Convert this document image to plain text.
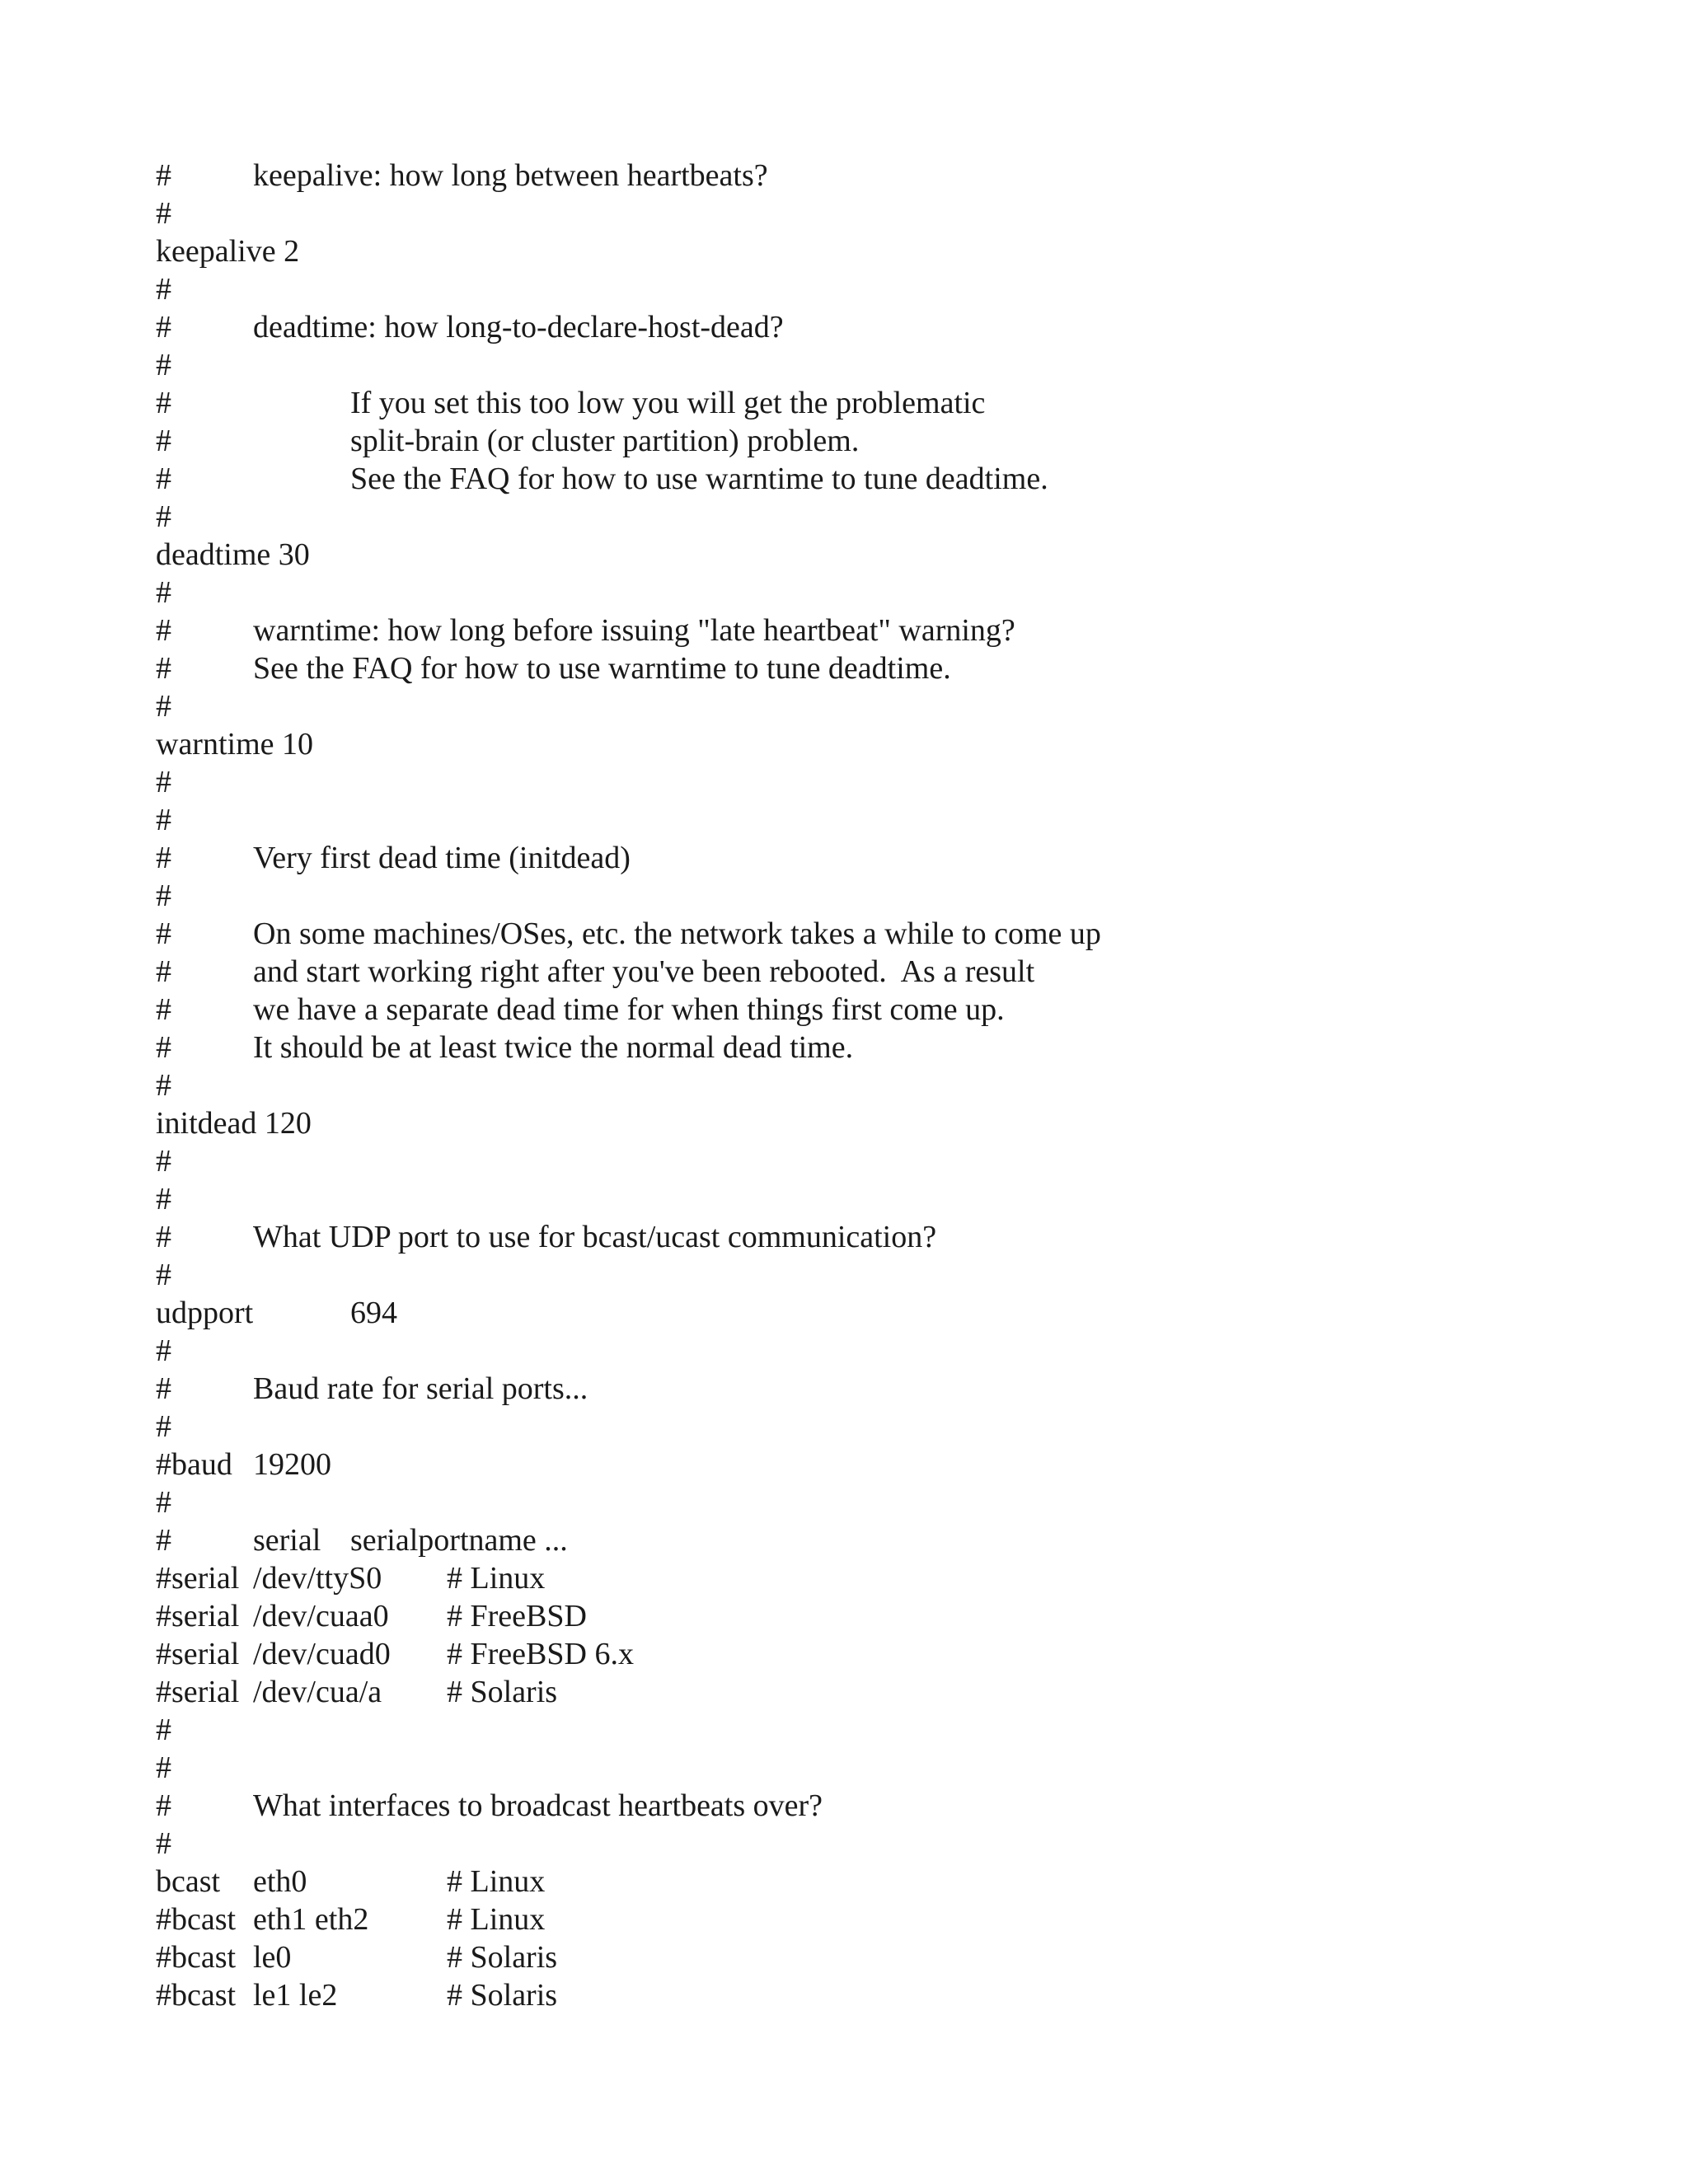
#	keepalive: how long between heartbeats?
#
keepalive 2
#
#	deadtime: how long-to-declare-host-dead?
#
#	If you set this too low you will get the problematic
#	split-brain (or cluster partition) problem.
#	See the FAQ for how to use warntime to tune deadtime.
#
deadtime 30
#
#	warntime: how long before issuing "late heartbeat" warning?
#	See the FAQ for how to use warntime to tune deadtime.
#
warntime 10
#
#
#	Very first dead time (initdead)
#
#	On some machines/OSes, etc. the network takes a while to come up
#	and start working right after you've been rebooted.  As a result
#	we have a separate dead time for when things first come up.
#	It should be at least twice the normal dead time.
#
initdead 120
#
#
#	What UDP port to use for bcast/ucast communication?
#
udpport	694
#
#	Baud rate for serial ports...
#
#baud 19200
#
#	serial serialportname ...
#serial /dev/ttyS0 # Linux
#serial /dev/cuaa0 # FreeBSD
#serial /dev/cuad0 # FreeBSD 6.x
#serial /dev/cua/a # Solaris
#
#
#	What interfaces to broadcast heartbeats over?
#
bcast eth0	# Linux
#bcast eth1 eth2 # Linux
#bcast le0	# Solaris
#bcast le1 le2	# Solaris
